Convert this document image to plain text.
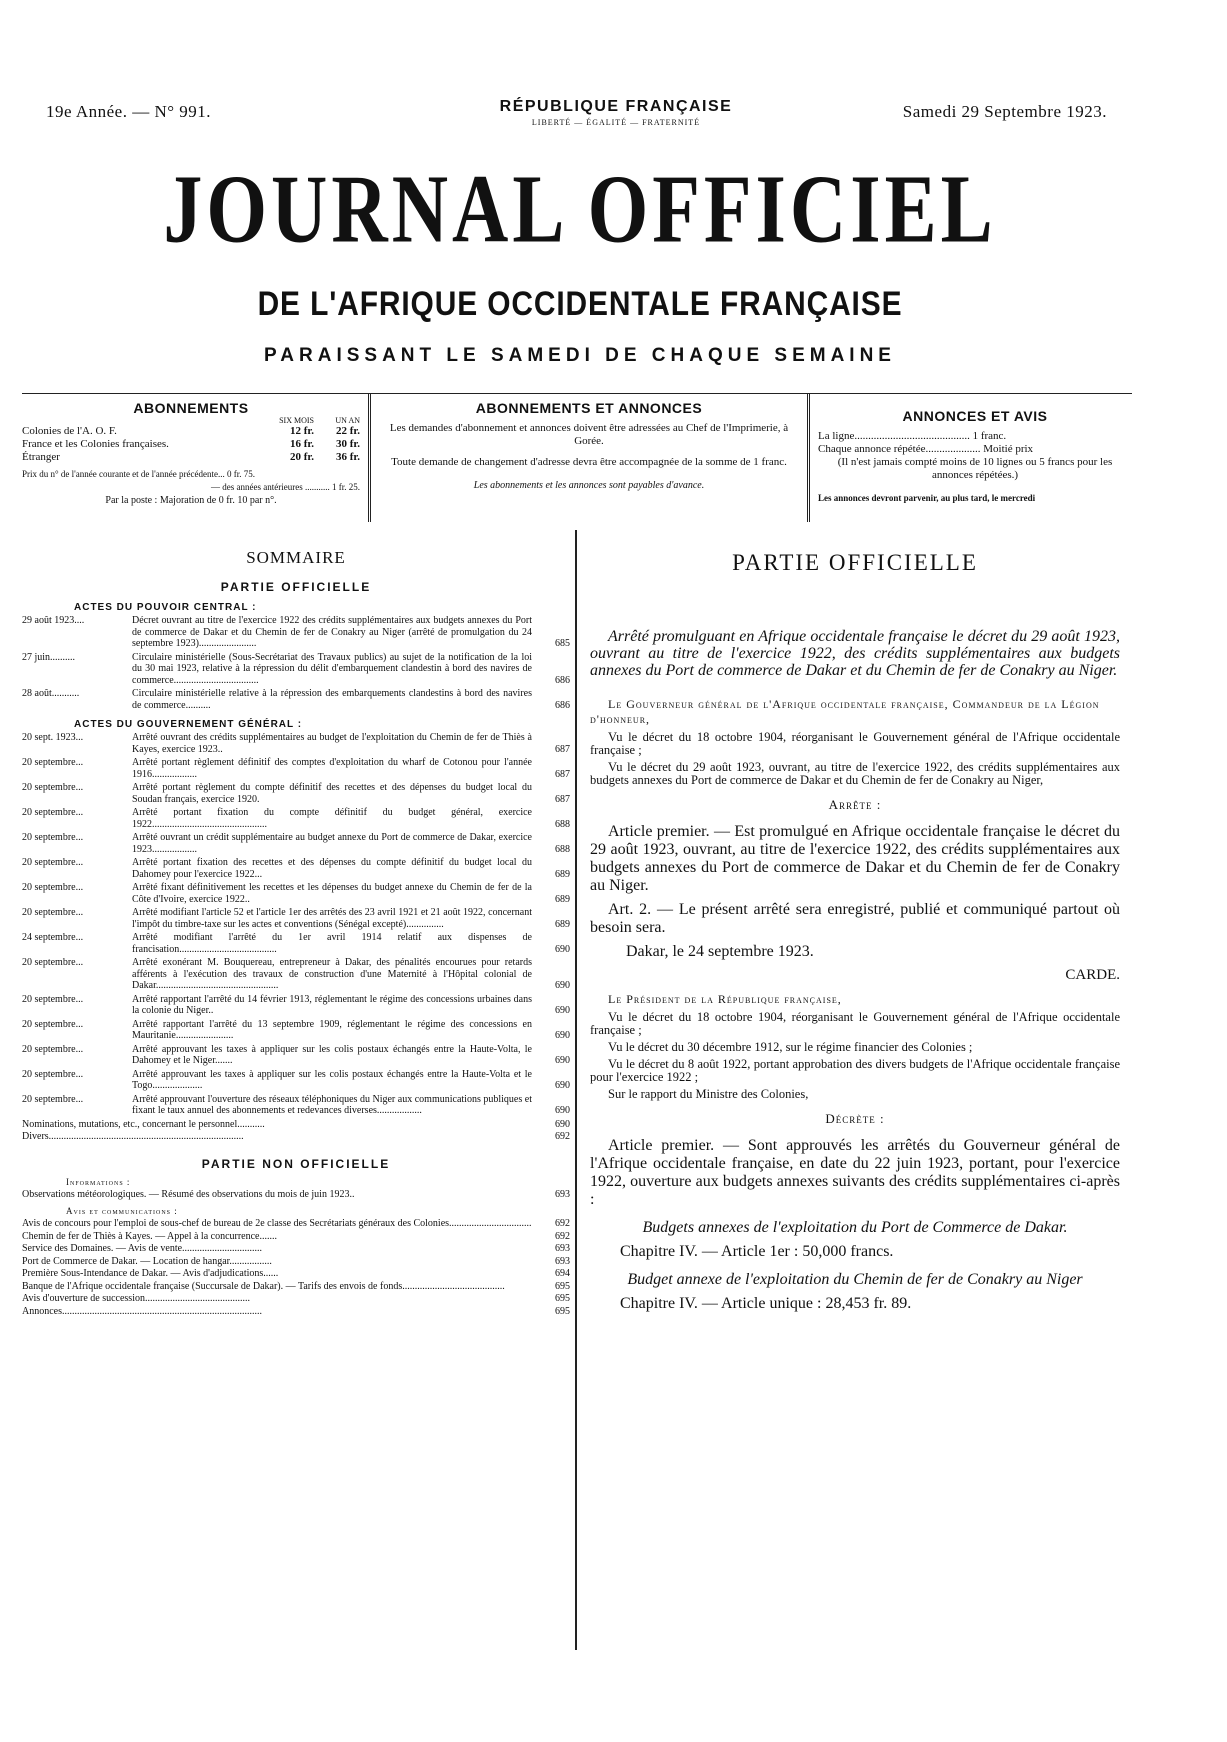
19e Année. — N° 991.	RÉPUBLIQUE FRANÇAISE
LIBERTÉ — ÉGALITÉ — FRATERNITÉ
Samedi 29 Septembre 1923.
JOURNAL OFFICIEL
DE L'AFRIQUE OCCIDENTALE FRANÇAISE
PARAISSANT LE SAMEDI DE CHAQUE SEMAINE
ABONNEMENTS
SIX MOIS	UN AN
Colonies de l'A. O. F.	12 fr.	22 fr.
France et les Colonies françaises.	16 fr.	30 fr.
Étranger	20 fr.	36 fr.
Prix du n° de l'année courante et de l'année précédente... 0 fr. 75.
— des années antérieures ........... 1 fr. 25.
Par la poste : Majoration de 0 fr. 10 par n°.
ABONNEMENTS ET ANNONCES
Les demandes d'abonnement et annonces doivent être adressées au Chef de l'Imprimerie, à Gorée.
Toute demande de changement d'adresse devra être accompagnée de la somme de 1 franc.
Les abonnements et les annonces sont payables d'avance.
ANNONCES ET AVIS
La ligne.......................................... 1 franc.
Chaque annonce répétée.................... Moitié prix
(Il n'est jamais compté moins de 10 lignes ou 5 francs pour les annonces répétées.)
Les annonces devront parvenir, au plus tard, le mercredi
SOMMAIRE
PARTIE OFFICIELLE
ACTES DU POUVOIR CENTRAL :
29 août 1923....	Décret ouvrant au titre de l'exercice 1922 des crédits supplémentaires aux budgets annexes du Port de commerce de Dakar et du Chemin de fer de Conakry au Niger (arrêté de promulgation du 24 septembre 1923).......................	685
27 juin..........	Circulaire ministérielle (Sous-Secrétariat des Travaux publics) au sujet de la notification de la loi du 30 mai 1923, relative à la répression du délit d'embarquement clandestin à bord des navires de commerce..................................	686
28 août...........	Circulaire ministérielle relative à la répression des embarquements clandestins à bord des navires de commerce..........	686
ACTES DU GOUVERNEMENT GÉNÉRAL :
20 sept. 1923...	Arrêté ouvrant des crédits supplémentaires au budget de l'exploitation du Chemin de fer de Thiès à Kayes, exercice 1923..	687
20 septembre...	Arrêté portant règlement définitif des comptes d'exploitation du wharf de Cotonou pour l'année 1916..................	687
20 septembre...	Arrêté portant règlement du compte définitif des recettes et des dépenses du budget local du Soudan français, exercice 1920.	687
20 septembre...	Arrêté portant fixation du compte définitif du budget général, exercice 1922..............................................	688
20 septembre...	Arrêté ouvrant un crédit supplémentaire au budget annexe du Port de commerce de Dakar, exercice 1923..................	688
20 septembre...	Arrêté portant fixation des recettes et des dépenses du compte définitif du budget local du Dahomey pour l'exercice 1922...	689
20 septembre...	Arrêté fixant définitivement les recettes et les dépenses du budget annexe du Chemin de fer de la Côte d'Ivoire, exercice 1922..	689
20 septembre...	Arrêté modifiant l'article 52 et l'article 1er des arrêtés des 23 avril 1921 et 21 août 1922, concernant l'impôt du timbre-taxe sur les actes et conventions (Sénégal excepté)...............	689
24 septembre...	Arrêté modifiant l'arrêté du 1er avril 1914 relatif aux dispenses de francisation.......................................	690
20 septembre...	Arrêté exonérant M. Bouquereau, entrepreneur à Dakar, des pénalités encourues pour retards afférents à l'exécution des travaux de construction d'une Maternité à l'Hôpital colonial de Dakar.................................................	690
20 septembre...	Arrêté rapportant l'arrêté du 14 février 1913, réglementant le régime des concessions urbaines dans la colonie du Niger..	690
20 septembre...	Arrêté rapportant l'arrêté du 13 septembre 1909, réglementant le régime des concessions en Mauritanie.......................	690
20 septembre...	Arrêté approuvant les taxes à appliquer sur les colis postaux échangés entre la Haute-Volta, le Dahomey et le Niger.......	690
20 septembre...	Arrêté approuvant les taxes à appliquer sur les colis postaux échangés entre la Haute-Volta et le Togo....................	690
20 septembre...	Arrêté approuvant l'ouverture des réseaux téléphoniques du Niger aux communications publiques et fixant le taux annuel des abonnements et redevances diverses..................	690
Nominations, mutations, etc., concernant le personnel...........	690
Divers..............................................................................	692
PARTIE NON OFFICIELLE
Informations :
Observations météorologiques. — Résumé des observations du mois de juin 1923..	693
Avis et communications :
Avis de concours pour l'emploi de sous-chef de bureau de 2e classe des Secrétariats généraux des Colonies.................................	692
Chemin de fer de Thiès à Kayes. — Appel à la concurrence.......	692
Service des Domaines. — Avis de vente................................	693
Port de Commerce de Dakar. — Location de hangar.................	693
Première Sous-Intendance de Dakar. — Avis d'adjudications......	694
Banque de l'Afrique occidentale française (Succursale de Dakar). — Tarifs des envois de fonds.........................................	695
Avis d'ouverture de succession..........................................	695
Annonces................................................................................	695
PARTIE OFFICIELLE
Arrêté promulguant en Afrique occidentale française le décret du 29 août 1923, ouvrant au titre de l'exercice 1922, des crédits supplémentaires aux budgets annexes du Port de commerce de Dakar et du Chemin de fer de Conakry au Niger.
Le Gouverneur général de l'Afrique occidentale française, Commandeur de la Légion d'honneur,
Vu le décret du 18 octobre 1904, réorganisant le Gouvernement général de l'Afrique occidentale française ;
Vu le décret du 29 août 1923, ouvrant, au titre de l'exercice 1922, des crédits supplémentaires aux budgets annexes du Port de commerce de Dakar et du Chemin de fer de Conakry au Niger,
Arrête :
Article premier. — Est promulgué en Afrique occidentale française le décret du 29 août 1923, ouvrant, au titre de l'exercice 1922, des crédits supplémentaires aux budgets annexes du Port de commerce de Dakar et du Chemin de fer de Conakry au Niger.
Art. 2. — Le présent arrêté sera enregistré, publié et communiqué partout où besoin sera.
Dakar, le 24 septembre 1923.
CARDE.
Le Président de la République française,
Vu le décret du 18 octobre 1904, réorganisant le Gouvernement général de l'Afrique occidentale française ;
Vu le décret du 30 décembre 1912, sur le régime financier des Colonies ;
Vu le décret du 8 août 1922, portant approbation des divers budgets de l'Afrique occidentale française pour l'exercice 1922 ;
Sur le rapport du Ministre des Colonies,
Décrète :
Article premier. — Sont approuvés les arrêtés du Gouverneur général de l'Afrique occidentale française, en date du 22 juin 1923, portant, pour l'exercice 1922, ouverture aux budgets annexes suivants des crédits supplémentaires ci-après :
Budgets annexes de l'exploitation du Port de Commerce de Dakar.
Chapitre IV. — Article 1er : 50,000 francs.
Budget annexe de l'exploitation du Chemin de fer de Conakry au Niger
Chapitre IV. — Article unique : 28,453 fr. 89.
